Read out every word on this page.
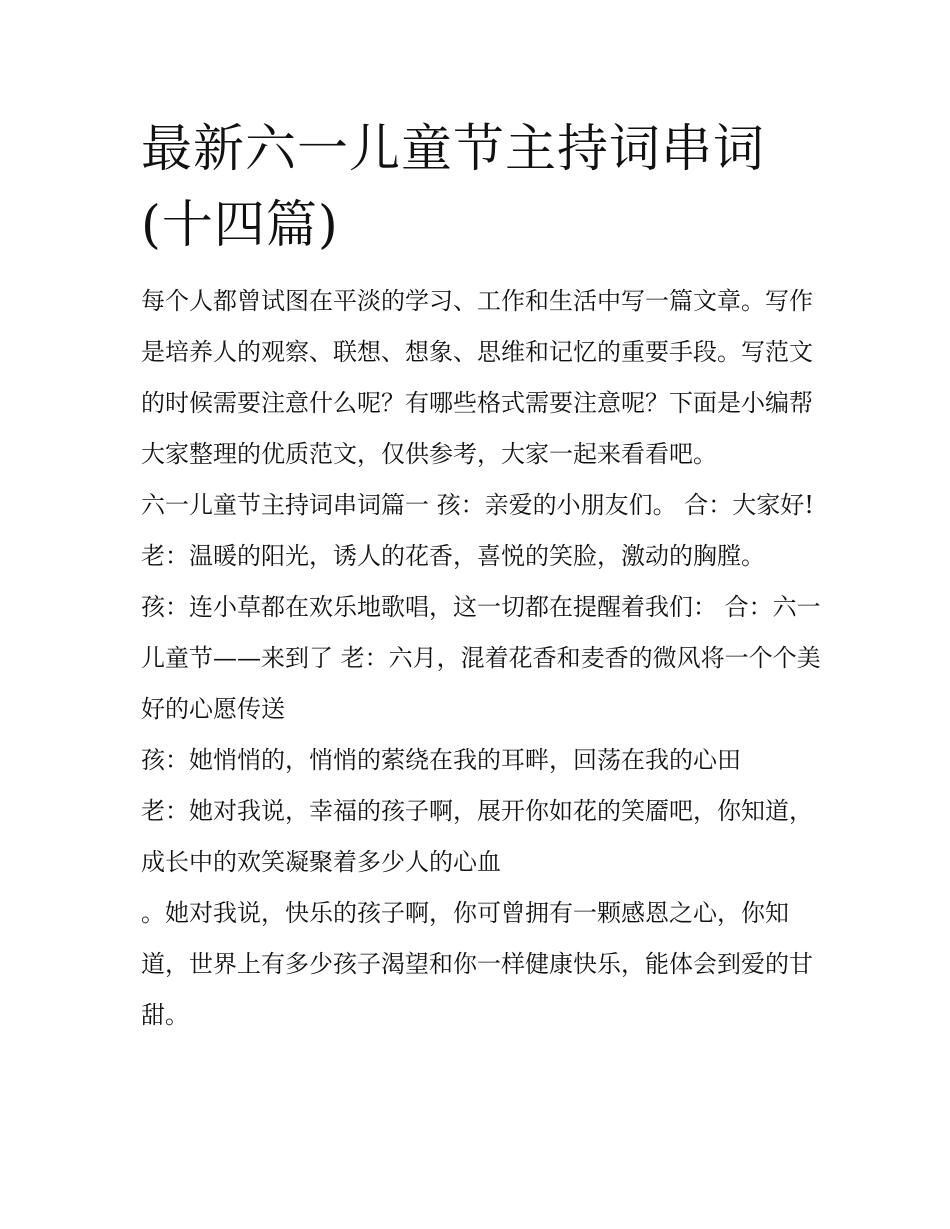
最新六一儿童节主持词串词(十四篇)

每个人都曾试图在平淡的学习、工作和生活中写一篇文章。写作是培养人的观察、联想、想象、思维和记忆的重要手段。写范文的时候需要注意什么呢？有哪些格式需要注意呢？下面是小编帮大家整理的优质范文，仅供参考，大家一起来看看吧。

六一儿童节主持词串词篇一 孩：亲爱的小朋友们。 合：大家好! 老：温暖的阳光，诱人的花香，喜悦的笑脸，激动的胸膛。

孩：连小草都在欢乐地歌唱，这一切都在提醒着我们： 合：六一儿童节——来到了 老：六月，混着花香和麦香的微风将一个个美好的心愿传送

孩：她悄悄的，悄悄的萦绕在我的耳畔，回荡在我的心田

老：她对我说，幸福的孩子啊，展开你如花的笑靥吧，你知道，成长中的欢笑凝聚着多少人的心血

。她对我说，快乐的孩子啊，你可曾拥有一颗感恩之心，你知道，世界上有多少孩子渴望和你一样健康快乐，能体会到爱的甘甜。
